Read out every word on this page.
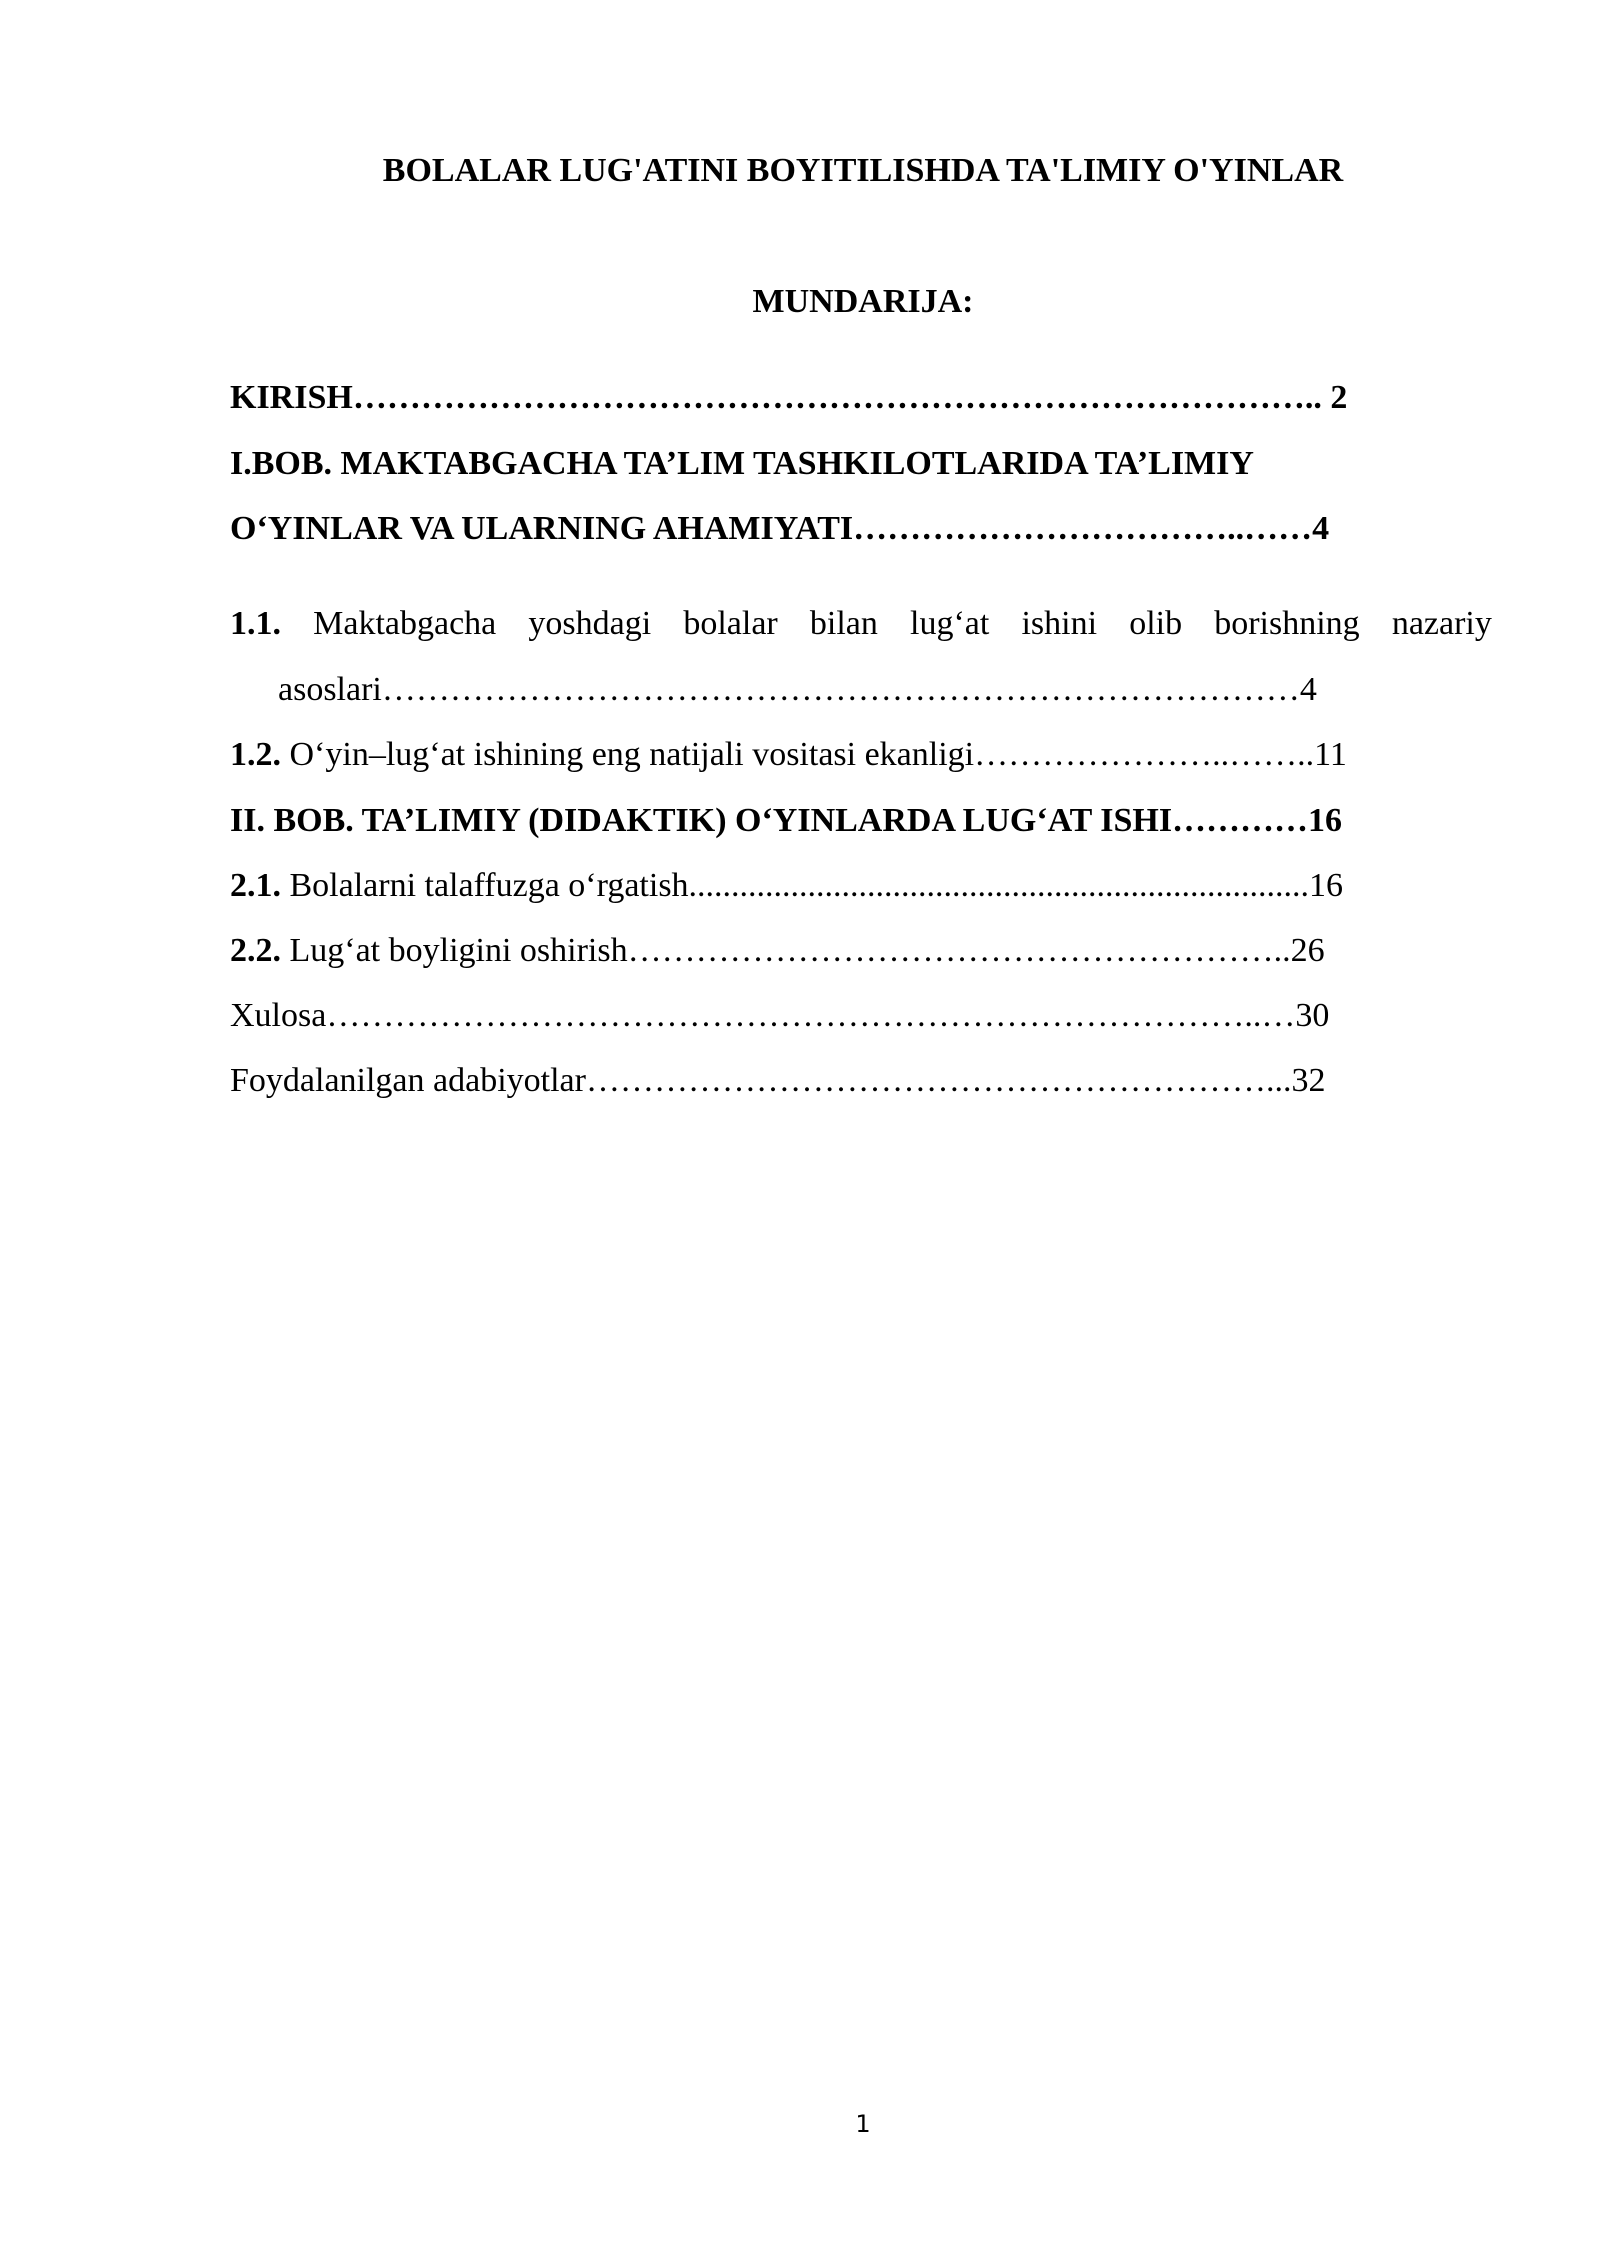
BOLALAR LUG'ATINI BOYITILISHDA TA'LIMIY O'YINLAR
MUNDARIJA:
KIRISH………………………………………………………………………….. 2
I.BOB. MAKTABGACHA TA’LIM TASHKILOTLARIDA TA’LIMIY
O‘YINLAR VA ULARNING AHAMIYATI……………………………..……4
1.1. Maktabgacha yoshdagi bolalar bilan lug‘at ishini olib borishning nazariy
asoslari………………………………………………………………………4
1.2. O‘yin–lug‘at ishining eng natijali vositasi ekanligi…………………..……..11
II. BOB. TA’LIMIY (DIDAKTIK) O‘YINLARDA LUG‘AT ISHI…………16
2.1. Bolalarni talaffuzga o‘rgatish.........................................................................16
2.2. Lug‘at boyligini oshirish…………………………………………………..26
Xulosa………………………………………………………………………..…30
Foydalanilgan adabiyotlar……………………………………………………...32
1
